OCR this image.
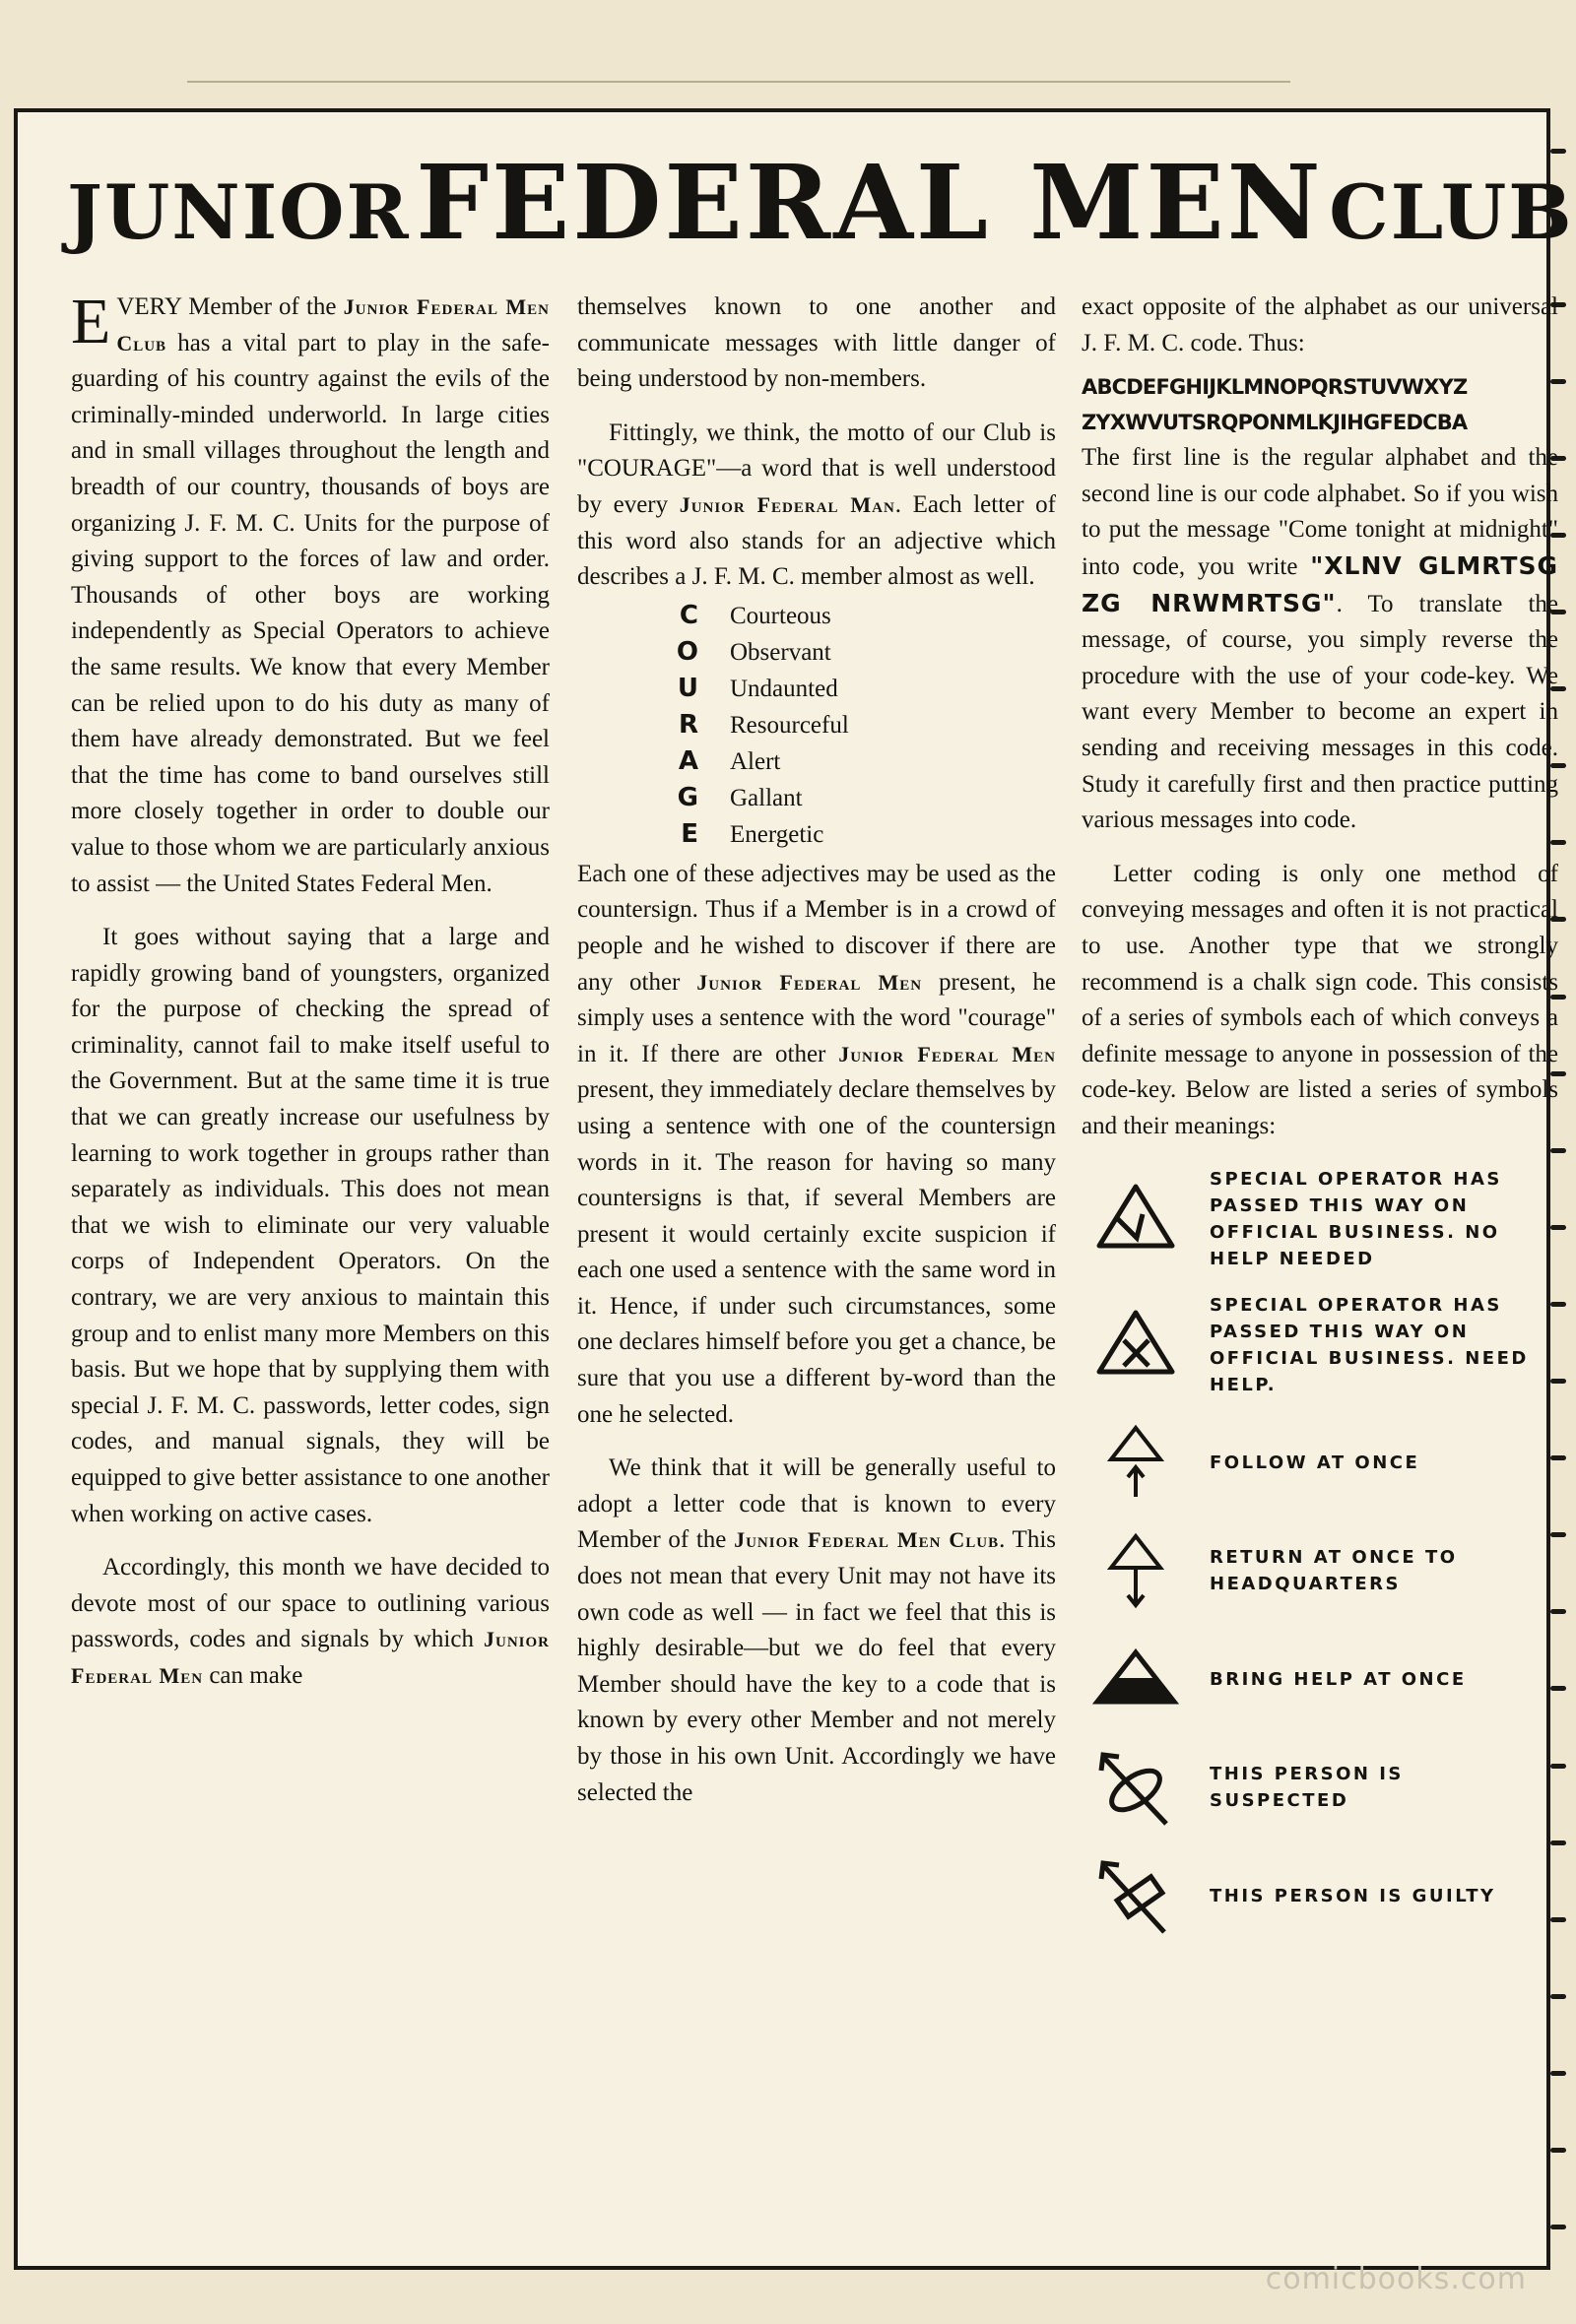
JUNIOR FEDERAL MEN CLUB

EVERY Member of the Junior Federal Men Club has a vital part to play in the safe-guarding of his country against the evils of the criminally-minded underworld. In large cities and in small villages throughout the length and breadth of our country, thousands of boys are organizing J. F. M. C. Units for the purpose of giving support to the forces of law and order. Thousands of other boys are working independently as Special Operators to achieve the same results. We know that every Member can be relied upon to do his duty as many of them have already demonstrated. But we feel that the time has come to band ourselves still more closely together in order to double our value to those whom we are particularly anxious to assist — the United States Federal Men.

It goes without saying that a large and rapidly growing band of youngsters, organized for the purpose of checking the spread of criminality, cannot fail to make itself useful to the Government. But at the same time it is true that we can greatly increase our usefulness by learning to work together in groups rather than separately as individuals. This does not mean that we wish to eliminate our very valuable corps of Independent Operators. On the contrary, we are very anxious to maintain this group and to enlist many more Members on this basis. But we hope that by supplying them with special J. F. M. C. passwords, letter codes, sign codes, and manual signals, they will be equipped to give better assistance to one another when working on active cases.

Accordingly, this month we have decided to devote most of our space to outlining various passwords, codes and signals by which Junior Federal Men can make

themselves known to one another and communicate messages with little danger of being understood by non-members.

Fittingly, we think, the motto of our Club is "COURAGE"—a word that is well understood by every Junior Federal Man. Each letter of this word also stands for an adjective which describes a J. F. M. C. member almost as well.

C	Courteous
O	Observant
U	Undaunted
R	Resourceful
A	Alert
G	Gallant
E	Energetic

Each one of these adjectives may be used as the countersign. Thus if a Member is in a crowd of people and he wished to discover if there are any other Junior Federal Men present, he simply uses a sentence with the word "courage" in it. If there are other Junior Federal Men present, they immediately declare themselves by using a sentence with one of the countersign words in it. The reason for having so many countersigns is that, if several Members are present it would certainly excite suspicion if each one used a sentence with the same word in it. Hence, if under such circumstances, some one declares himself before you get a chance, be sure that you use a different by-word than the one he selected.

We think that it will be generally useful to adopt a letter code that is known to every Member of the Junior Federal Men Club. This does not mean that every Unit may not have its own code as well — in fact we feel that this is highly desirable—but we do feel that every Member should have the key to a code that is known by every other Member and not merely by those in his own Unit. Accordingly we have selected the

exact opposite of the alphabet as our universal J. F. M. C. code. Thus:

ABCDEFGHIJKLMNOPQRSTUVWXYZ
ZYXWVUTSRQPONMLKJIHGFEDCBA

The first line is the regular alphabet and the second line is our code alphabet. So if you wish to put the message "Come tonight at midnight" into code, you write "XLNV GLMRTSG ZG NRWMRTSG". To translate the message, of course, you simply reverse the procedure with the use of your code-key. We want every Member to become an expert in sending and receiving messages in this code. Study it carefully first and then practice putting various messages into code.

Letter coding is only one method of conveying messages and often it is not practical to use. Another type that we strongly recommend is a chalk sign code. This consists of a series of symbols each of which conveys a definite message to anyone in possession of the code-key. Below are listed a series of symbols and their meanings:

SPECIAL OPERATOR HAS PASSED THIS WAY ON OFFICIAL BUSINESS. NO HELP NEEDED
SPECIAL OPERATOR HAS PASSED THIS WAY ON OFFICIAL BUSINESS. NEED HELP.
FOLLOW AT ONCE
RETURN AT ONCE TO HEADQUARTERS
BRING HELP AT ONCE
THIS PERSON IS SUSPECTED
THIS PERSON IS GUILTY
comicbooks.com
